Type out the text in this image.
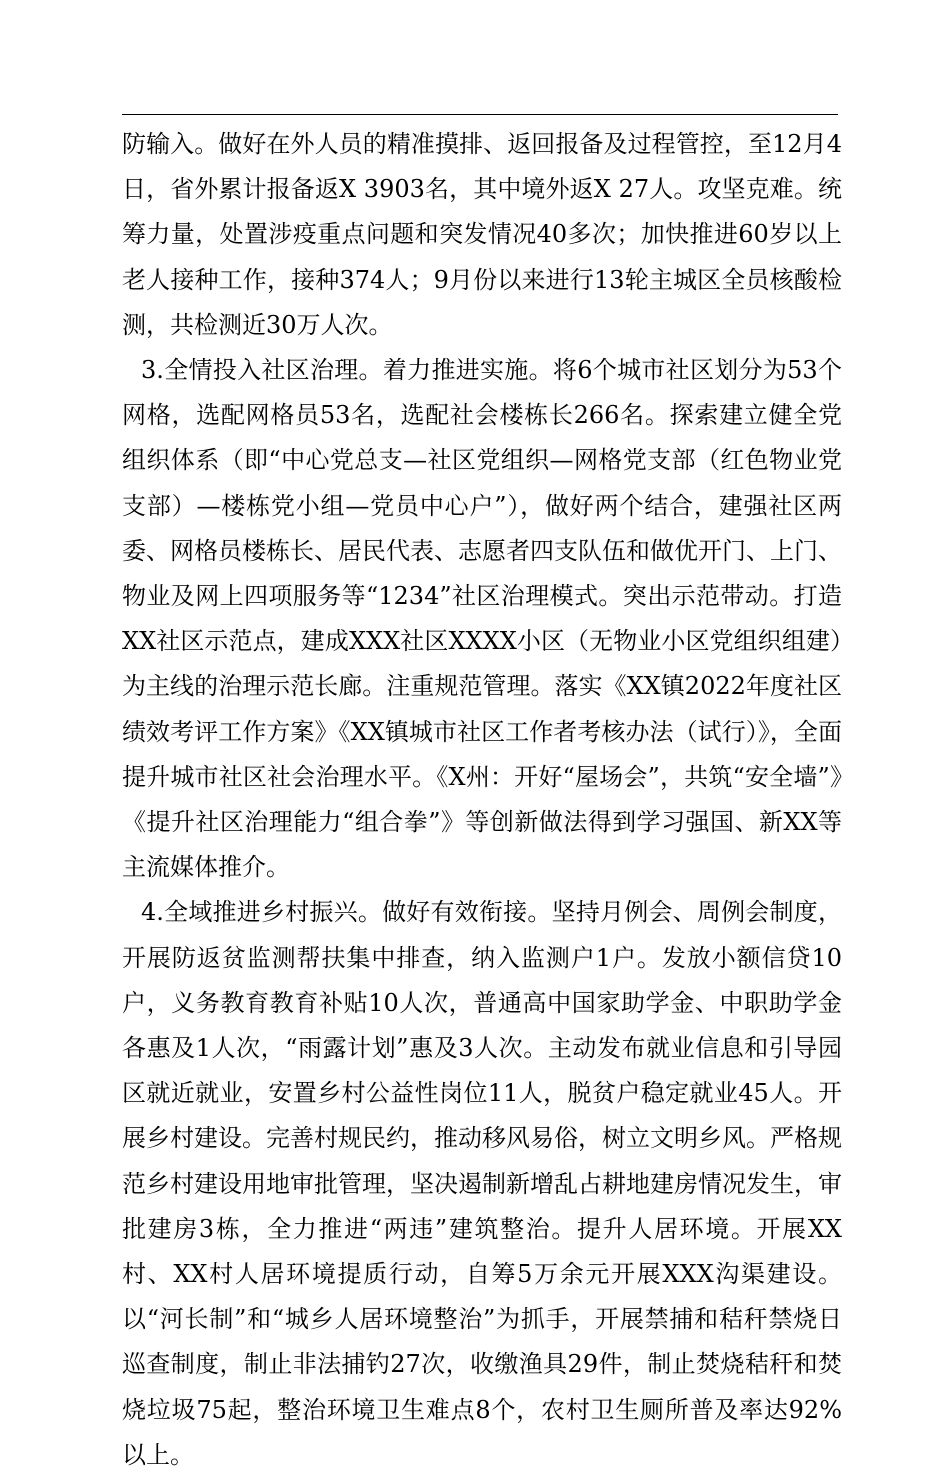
防输入。做好在外人员的精准摸排、返回报备及过程管控，至12月4日，省外累计报备返X 3903名，其中境外返X 27人。攻坚克难。统筹力量，处置涉疫重点问题和突发情况40多次；加快推进60岁以上老人接种工作，接种374人；9月份以来进行13轮主城区全员核酸检测，共检测近30万人次。

3.全情投入社区治理。着力推进实施。将6个城市社区划分为53个网格，选配网格员53名，选配社会楼栋长266名。探索建立健全党组织体系（即“中心党总支—社区党组织—网格党支部（红色物业党支部）—楼栋党小组—党员中心户”），做好两个结合，建强社区两委、网格员楼栋长、居民代表、志愿者四支队伍和做优开门、上门、物业及网上四项服务等“1234”社区治理模式。突出示范带动。打造XX社区示范点，建成XXX社区XXXX小区（无物业小区党组织组建）为主线的治理示范长廊。注重规范管理。落实《XX镇2022年度社区绩效考评工作方案》《XX镇城市社区工作者考核办法（试行）》，全面提升城市社区社会治理水平。《X州：开好“屋场会”，共筑“安全墙”》《提升社区治理能力“组合拳”》等创新做法得到学习强国、新XX等主流媒体推介。

4.全域推进乡村振兴。做好有效衔接。坚持月例会、周例会制度，开展防返贫监测帮扶集中排查，纳入监测户1户。发放小额信贷10户，义务教育教育补贴10人次，普通高中国家助学金、中职助学金各惠及1人次，“雨露计划”惠及3人次。主动发布就业信息和引导园区就近就业，安置乡村公益性岗位11人，脱贫户稳定就业45人。开展乡村建设。完善村规民约，推动移风易俗，树立文明乡风。严格规范乡村建设用地审批管理，坚决遏制新增乱占耕地建房情况发生，审批建房3栋，全力推进“两违”建筑整治。提升人居环境。开展XX村、XX村人居环境提质行动，自筹5万余元开展XXX沟渠建设。以“河长制”和“城乡人居环境整治”为抓手，开展禁捕和秸秆禁烧日巡查制度，制止非法捕钓27次，收缴渔具29件，制止焚烧秸秆和焚烧垃圾75起，整治环境卫生难点8个，农村卫生厕所普及率达92%以上。
